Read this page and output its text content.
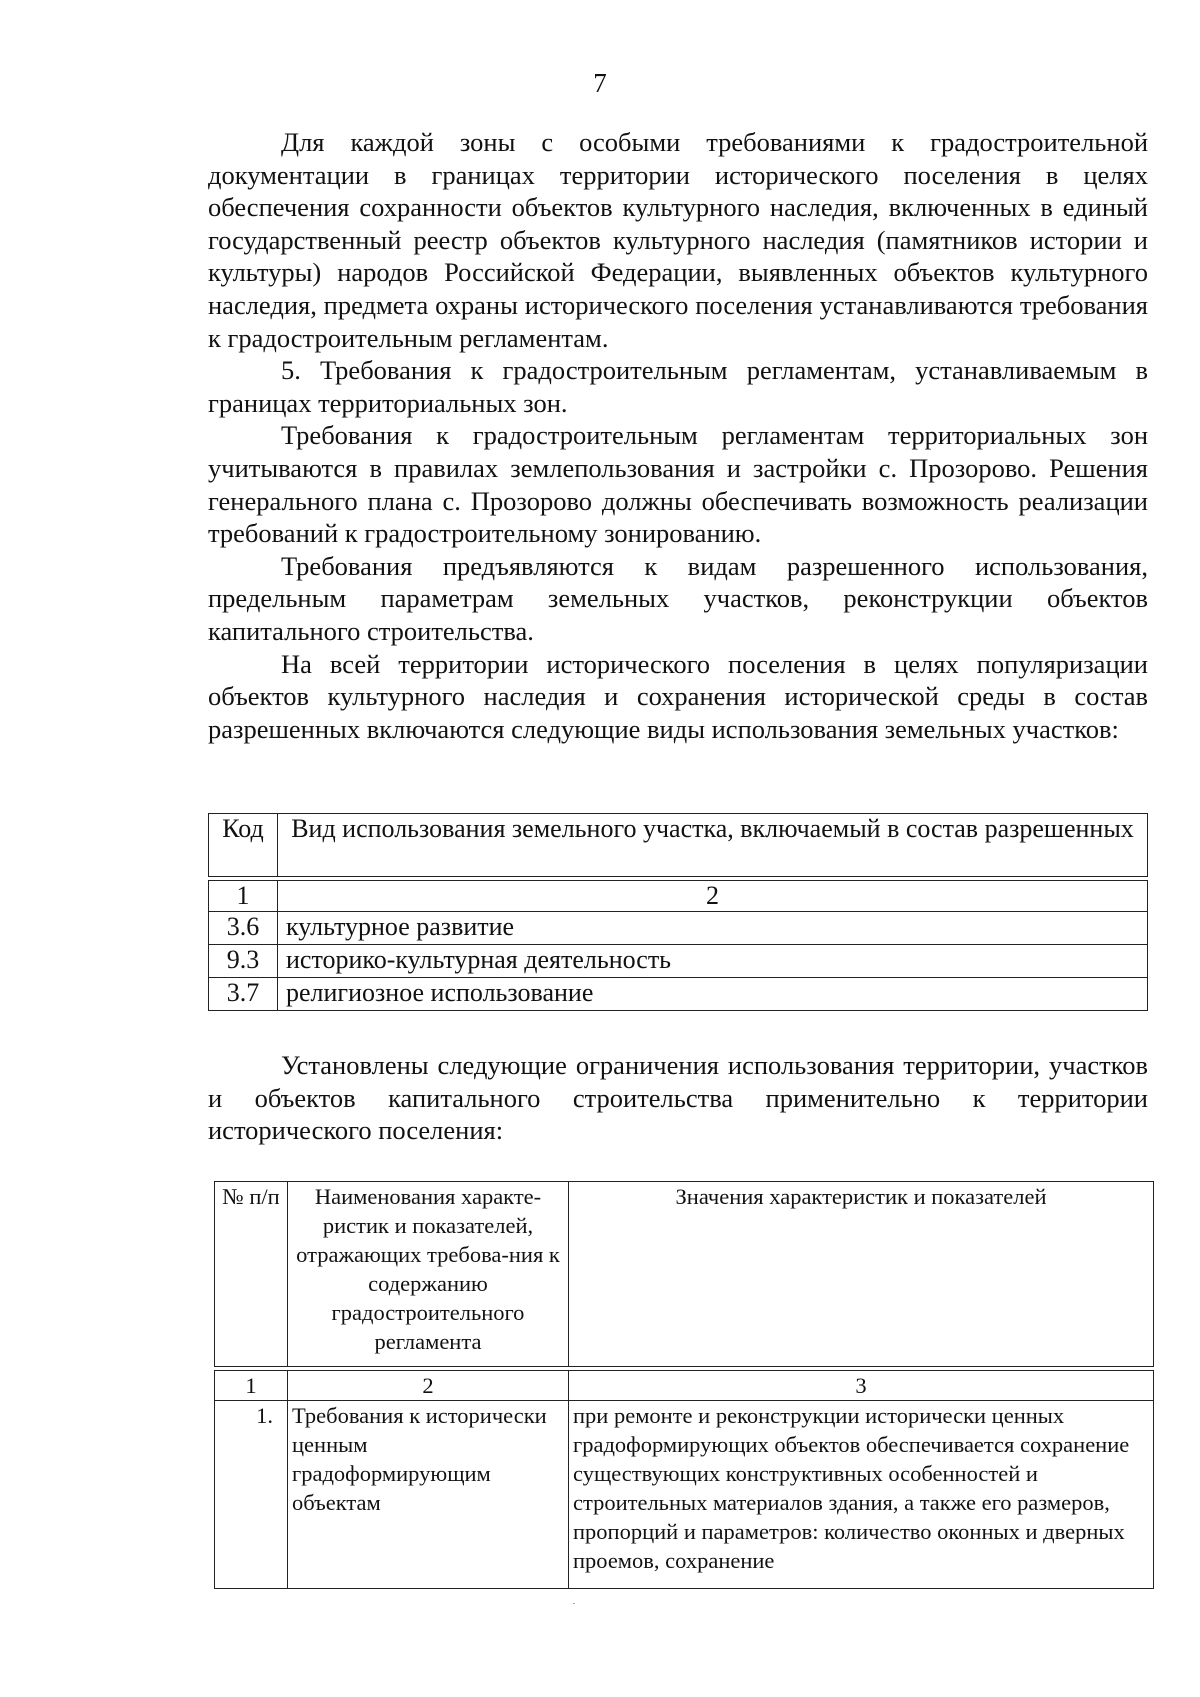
7

Для каждой зоны с особыми требованиями к градостроительной документации в границах территории исторического поселения в целях обеспечения сохранности объектов культурного наследия, включенных в единый государственный реестр объектов культурного наследия (памятников истории и культуры) народов Российской Федерации, выявленных объектов культурного наследия, предмета охраны исторического поселения устанавливаются требования к градостроительным регламентам.

5. Требования к градостроительным регламентам, устанавливаемым в границах территориальных зон.

Требования к градостроительным регламентам территориальных зон учитываются в правилах землепользования и застройки с. Прозорово. Решения генерального плана с. Прозорово должны обеспечивать возможность реализации требований к градостроительному зонированию.

Требования предъявляются к видам разрешенного использования, предельным параметрам земельных участков, реконструкции объектов капитального строительства.

На всей территории исторического поселения в целях популяризации объектов культурного наследия и сохранения исторической среды в состав разрешенных включаются следующие виды использования земельных участков:

Код	Вид использования земельного участка, включаемый в состав разрешенных

1	2
3.6	культурное развитие
9.3	историко-культурная деятельность
3.7	религиозное использование

Установлены следующие ограничения использования территории, участков и объектов капитального строительства применительно к территории исторического поселения:

№ п/п	Наименования характе-ристик и показателей, отражающих требова-ния к содержанию градостроительного регламента	Значения характеристик и показателей

1	2	3
1.	Требования к исторически ценным градоформирующим объектам	при ремонте и реконструкции исторически ценных градоформирующих объектов обеспечивается сохранение существующих конструктивных особенностей и строительных материалов здания, а также его размеров, пропорций и параметров: количество оконных и дверных проемов, сохранение
